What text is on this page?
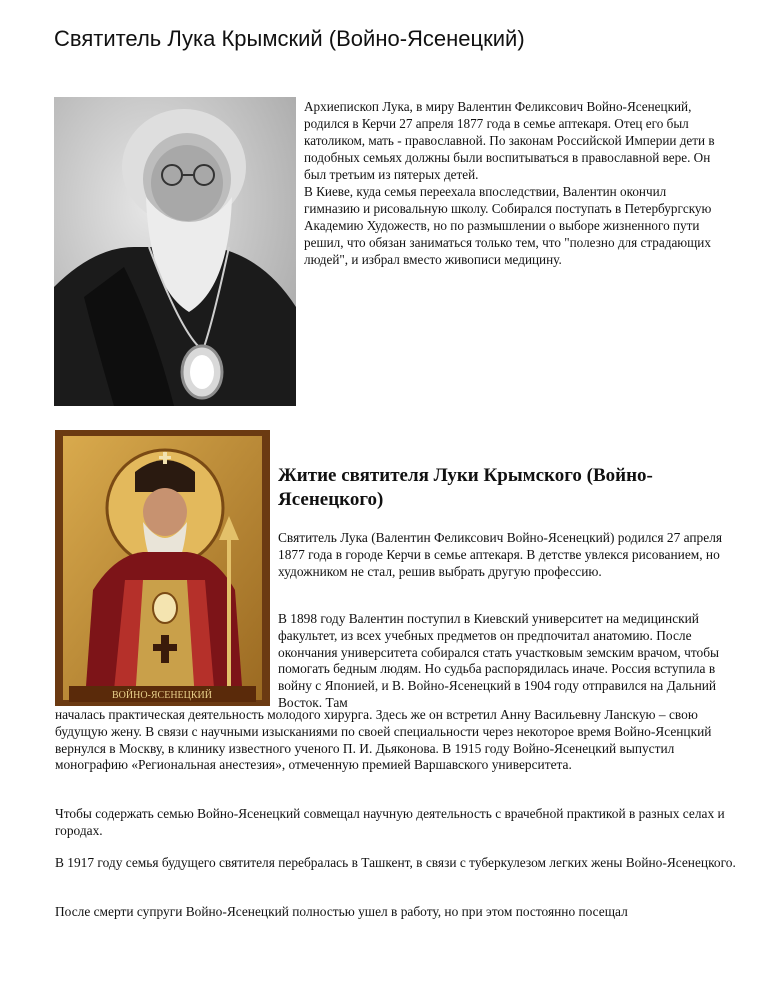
Святитель Лука Крымский (Войно-Ясенецкий)

Архиепископ Лука, в миру Валентин Феликсович Войно-Ясенецкий, родился в Керчи 27 апреля 1877 года в семье аптекаря. Отец его был католиком, мать - православной. По законам Российской Империи дети в подобных семьях должны были воспитываться в православной вере. Он был третьим из пятерых детей.

В Киеве, куда семья переехала впоследствии, Валентин окончил гимназию и рисовальную школу. Собирался поступать в Петербургскую Академию Художеств, но по размышлении о выборе жизненного пути решил, что обязан заниматься только тем, что "полезно для страдающих людей", и избрал вместо живописи медицину.

ВОЙНО-ЯСЕНЕЦКИЙ
Житие святителя Луки Крымского (Войно-Ясенецкого)

Святитель Лука (Валентин Феликсович Войно-Ясенецкий) родился 27 апреля 1877 года в городе Керчи в семье аптекаря. В детстве увлекся рисованием, но художником не стал, решив выбрать другую профессию.

В 1898 году Валентин поступил в Киевский университет на медицинский факультет, из всех учебных предметов он предпочитал анатомию. После окончания университета собирался стать участковым земским врачом, чтобы помогать бедным людям. Но судьба распорядилась иначе. Россия вступила в войну с Японией, и В. Войно-Ясенецкий в 1904 году отправился на Дальний Восток. Там

началась практическая деятельность молодого хирурга. Здесь же он встретил Анну Васильевну Ланскую – свою будущую жену. В связи с научными изысканиями по своей специальности через некоторое время Войно-Ясенцкий вернулся в Москву, в клинику известного ученого П. И. Дьяконова. В 1915 году Войно-Ясенецкий выпустил монографию «Региональная анестезия», отмеченную премией Варшавского университета.

Чтобы содержать семью Войно-Ясенецкий совмещал научную деятельность с врачебной практикой в разных селах и городах.

В 1917 году семья будущего святителя перебралась в Ташкент, в связи с туберкулезом легких жены Войно-Ясенецкого.

После смерти супруги Войно-Ясенецкий полностью ушел в работу, но при этом постоянно посещал
